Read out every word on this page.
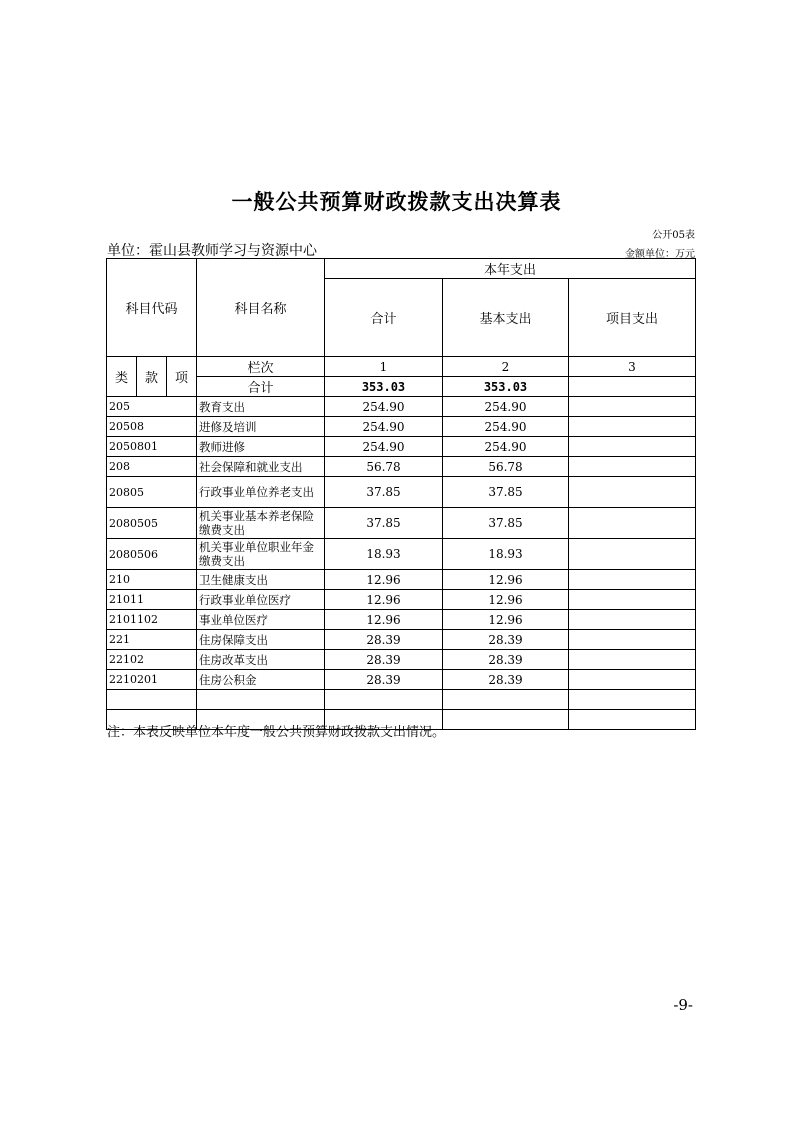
一般公共预算财政拨款支出决算表
公开05表
单位：霍山县教师学习与资源中心	金额单位：万元
科目代码			科目名称	本年支出		
				合计	基本支出	项目支出
类	款	项	栏次	1	2	3
			合计	353.03	353.03	
205			教育支出	254.90	254.90	
20508			进修及培训	254.90	254.90	
2050801			教师进修	254.90	254.90	
208			社会保障和就业支出	56.78	56.78	
20805			行政事业单位养老支出	37.85	37.85	
2080505			机关事业基本养老保险缴费支出	37.85	37.85	
2080506			机关事业单位职业年金缴费支出	18.93	18.93	
210			卫生健康支出	12.96	12.96	
21011			行政事业单位医疗	12.96	12.96	
2101102			事业单位医疗	12.96	12.96	
221			住房保障支出	28.39	28.39	
22102			住房改革支出	28.39	28.39	
2210201			住房公积金	28.39	28.39	

注：本表反映单位本年度一般公共预算财政拨款支出情况。
-9-
